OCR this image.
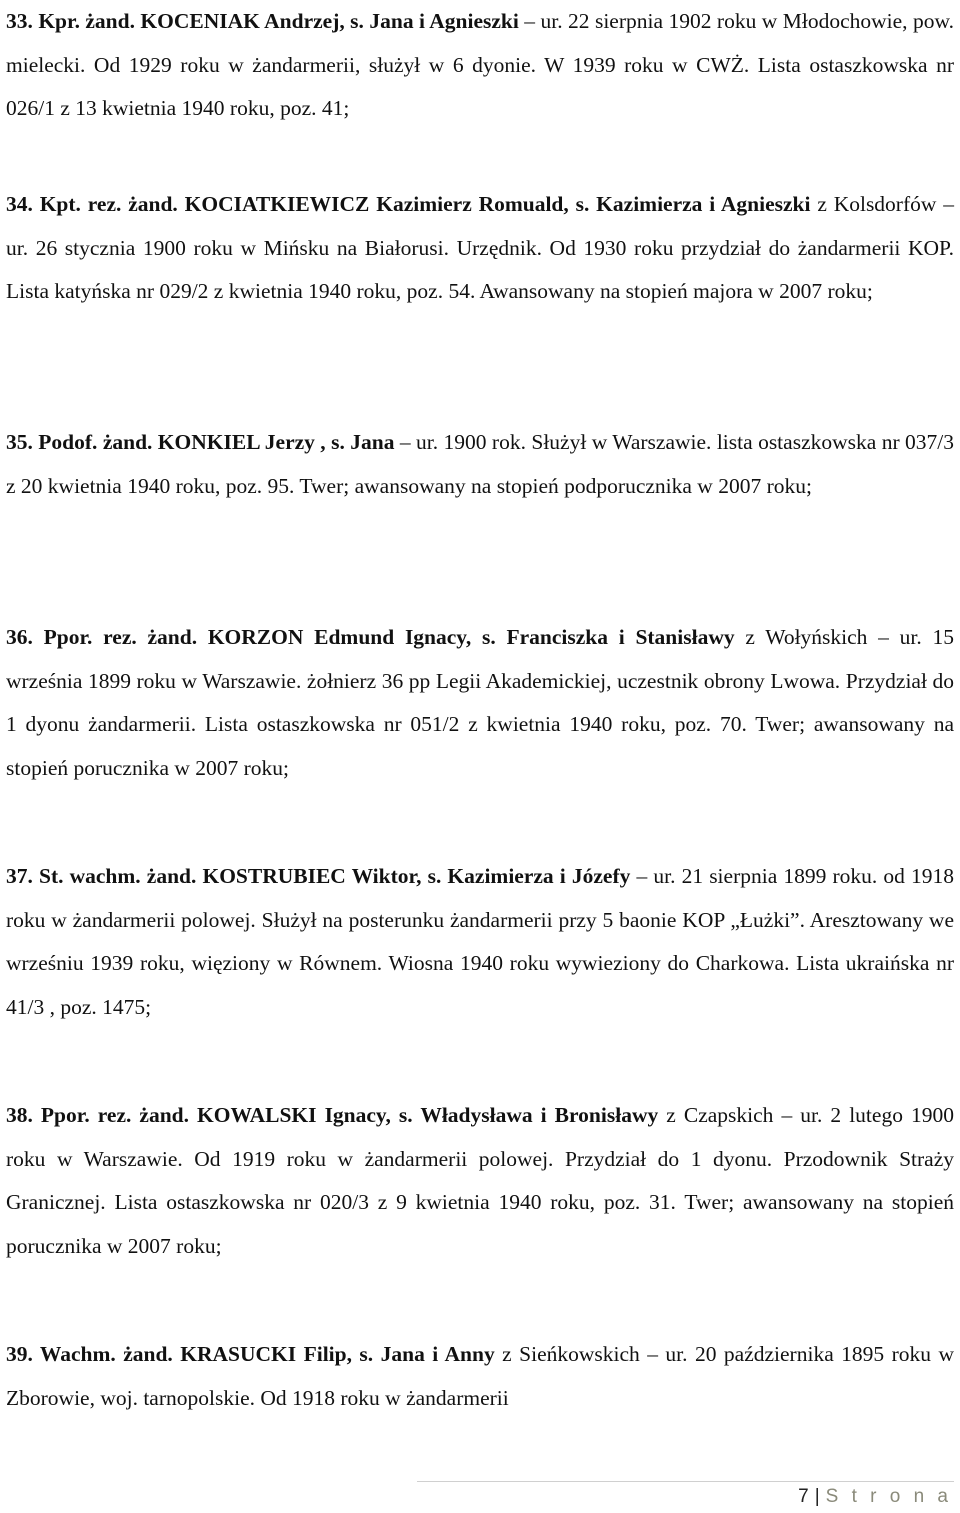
33. Kpr. żand. KOCENIAK Andrzej, s. Jana i Agnieszki – ur. 22 sierpnia 1902 roku w Młodochowie, pow. mielecki. Od 1929 roku w żandarmerii, służył w 6 dyonie. W 1939 roku w CWŻ. Lista ostaszkowska nr 026/1 z 13 kwietnia 1940 roku, poz. 41;

34. Kpt. rez. żand. KOCIATKIEWICZ Kazimierz Romuald, s. Kazimierza i Agnieszki z Kolsdorfów – ur. 26 stycznia 1900 roku w Mińsku na Białorusi. Urzędnik. Od 1930 roku przydział do żandarmerii KOP. Lista katyńska nr 029/2 z kwietnia 1940 roku, poz. 54. Awansowany na stopień majora w 2007 roku;

35. Podof. żand. KONKIEL Jerzy , s. Jana – ur. 1900 rok. Służył w Warszawie. lista ostaszkowska nr 037/3 z 20 kwietnia 1940 roku, poz. 95. Twer; awansowany na stopień podporucznika w 2007 roku;

36. Ppor. rez. żand. KORZON Edmund Ignacy, s. Franciszka i Stanisławy z Wołyńskich – ur. 15 września 1899 roku w Warszawie. żołnierz 36 pp Legii Akademickiej, uczestnik obrony Lwowa. Przydział do 1 dyonu żandarmerii. Lista ostaszkowska nr 051/2 z kwietnia 1940 roku, poz. 70. Twer; awansowany na stopień porucznika w 2007 roku;

37. St. wachm. żand. KOSTRUBIEC Wiktor, s. Kazimierza i Józefy – ur. 21 sierpnia 1899 roku. od 1918 roku w żandarmerii polowej. Służył na posterunku żandarmerii przy 5 baonie KOP „Łużki”. Aresztowany we wrześniu 1939 roku, więziony w Równem. Wiosna 1940 roku wywieziony do Charkowa. Lista ukraińska nr 41/3 , poz. 1475;

38. Ppor. rez. żand. KOWALSKI Ignacy, s. Władysława i Bronisławy z Czapskich – ur. 2 lutego 1900 roku w Warszawie. Od 1919 roku w żandarmerii polowej. Przydział do 1 dyonu. Przodownik Straży Granicznej. Lista ostaszkowska nr 020/3 z 9 kwietnia 1940 roku, poz. 31. Twer; awansowany na stopień porucznika w 2007 roku;

39. Wachm. żand. KRASUCKI Filip, s. Jana i Anny z Sieńkowskich – ur. 20 października 1895 roku w Zborowie, woj. tarnopolskie. Od 1918 roku w żandarmerii

7 | S t r o n a
